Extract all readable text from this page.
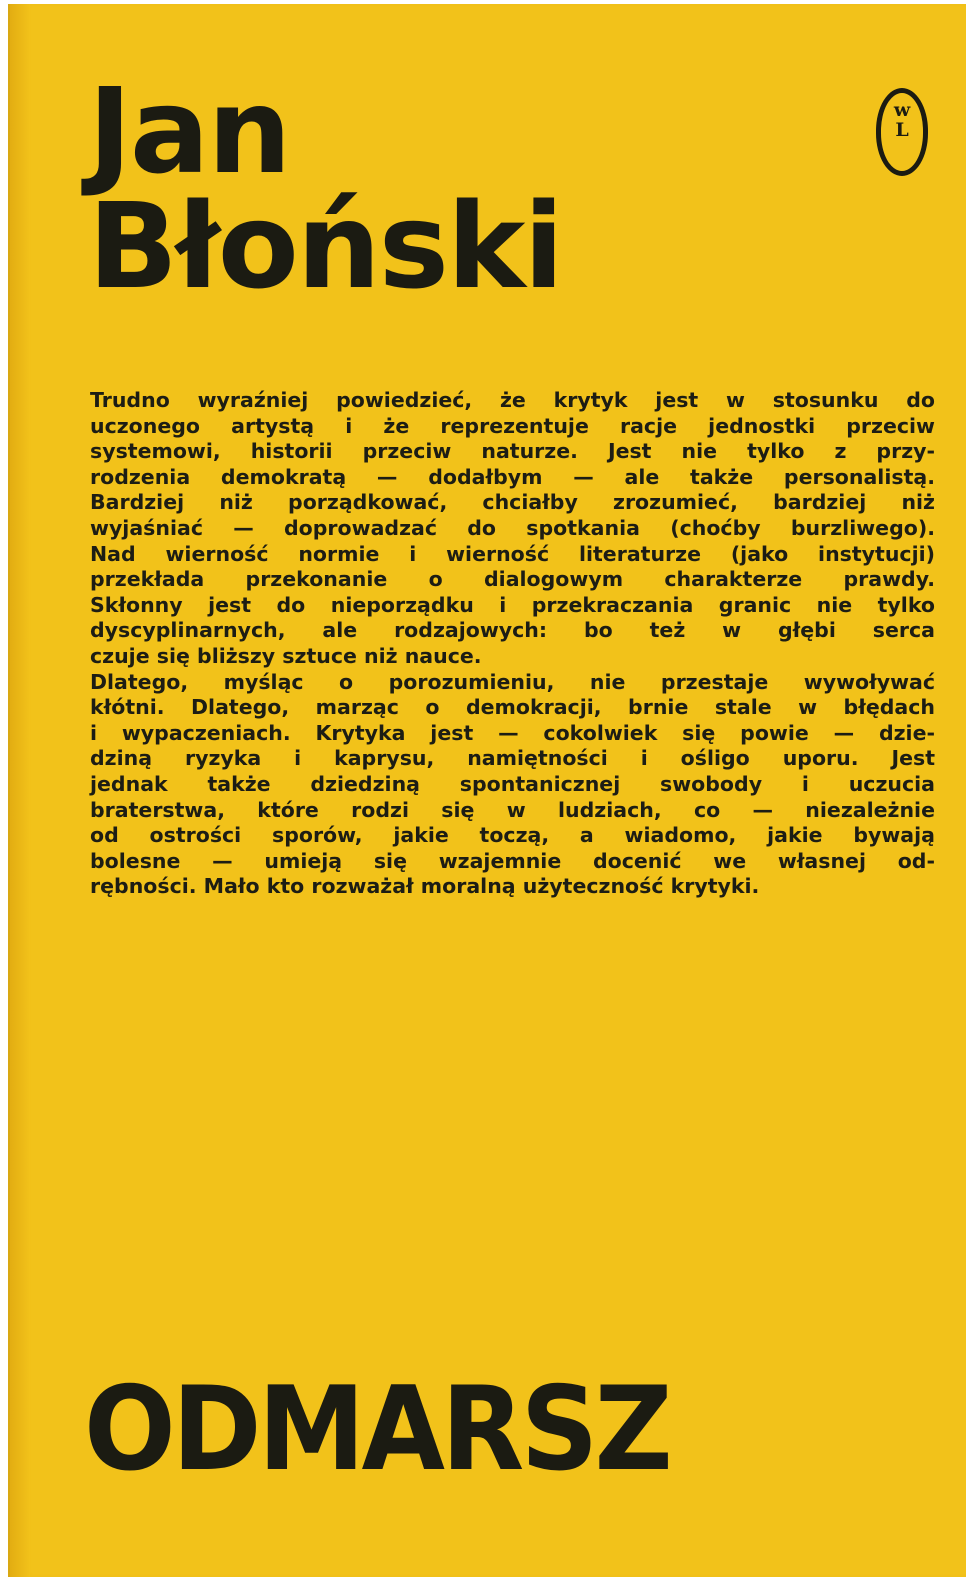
Jan
Błoński
w
L

Trudno wyraźniej powiedzieć, że krytyk jest w stosunku do
uczonego artystą i że reprezentuje racje jednostki przeciw
systemowi, historii przeciw naturze. Jest nie tylko z przy-
rodzenia demokratą — dodałbym — ale także personalistą.
Bardziej niż porządkować, chciałby zrozumieć, bardziej niż
wyjaśniać — doprowadzać do spotkania (choćby burzliwego).
Nad wierność normie i wierność literaturze (jako instytucji)
przekłada przekonanie o dialogowym charakterze prawdy.
Skłonny jest do nieporządku i przekraczania granic nie tylko
dyscyplinarnych, ale rodzajowych: bo też w głębi serca
czuje się bliższy sztuce niż nauce.
Dlatego, myśląc o porozumieniu, nie przestaje wywoływać
kłótni. Dlatego, marząc o demokracji, brnie stale w błędach
i wypaczeniach. Krytyka jest — cokolwiek się powie — dzie-
dziną ryzyka i kaprysu, namiętności i ośligo uporu. Jest
jednak także dziedziną spontanicznej swobody i uczucia
braterstwa, które rodzi się w ludziach, co — niezależnie
od ostrości sporów, jakie toczą, a wiadomo, jakie bywają
bolesne — umieją się wzajemnie docenić we własnej od-
rębności. Mało kto rozważał moralną użyteczność krytyki.

ODMARSZ
